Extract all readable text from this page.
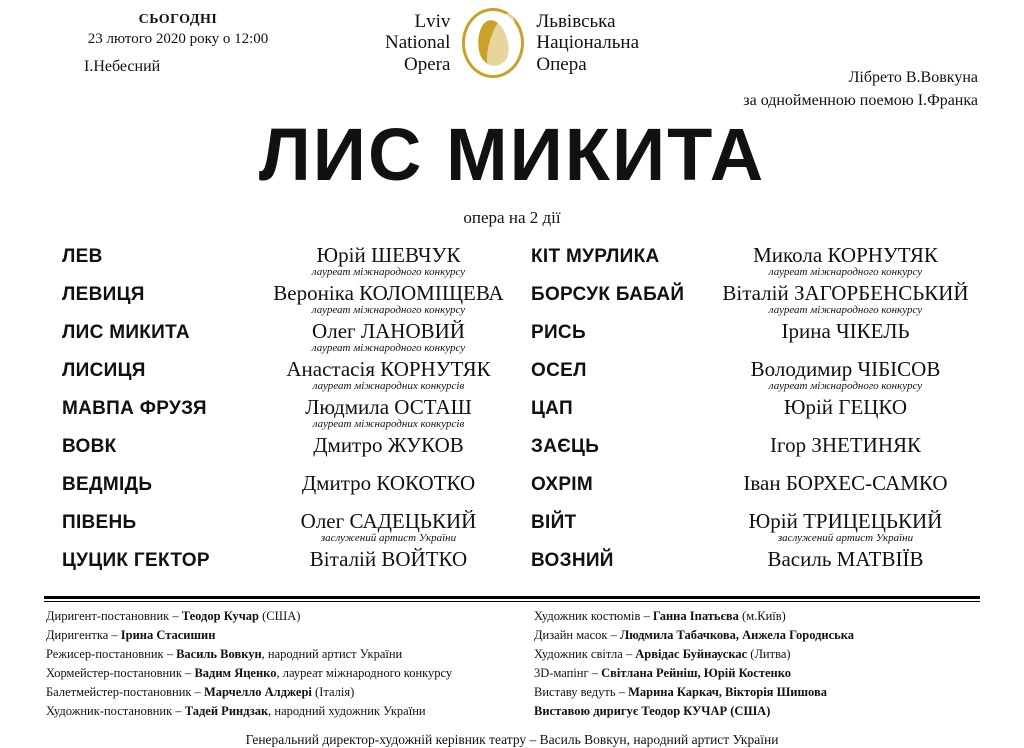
СЬОГОДНІ
23 лютого 2020 року о 12:00
І.Небесний
Lviv
National
Opera
Львівська
Національна
Опера
Лібрето В.Вовкуна
за однойменною поемою І.Франка
ЛИС МИКИТА
опера на 2 дії
ЛЕВ	Юрій ШЕВЧУК
лауреат міжнародного конкурсу
ЛЕВИЦЯ	Вероніка КОЛОМІЩЕВА
лауреат міжнародного конкурсу
ЛИС МИКИТА	Олег ЛАНОВИЙ
лауреат міжнародного конкурсу
ЛИСИЦЯ	Анастасія КОРНУТЯК
лауреат міжнародних конкурсів
МАВПА ФРУЗЯ	Людмила ОСТАШ
лауреат міжнародних конкурсів
ВОВК	Дмитро ЖУКОВ
ВЕДМІДЬ	Дмитро КОКОТКО
ПІВЕНЬ	Олег САДЕЦЬКИЙ
заслужений артист України
ЦУЦИК ГЕКТОР	Віталій ВОЙТКО
КІТ МУРЛИКА	Микола КОРНУТЯК
лауреат міжнародного конкурсу
БОРСУК БАБАЙ	Віталій ЗАГОРБЕНСЬКИЙ
лауреат міжнародного конкурсу
РИСЬ	Ірина ЧІКЕЛЬ
ОСЕЛ	Володимир ЧІБІСОВ
лауреат міжнародного конкурсу
ЦАП	Юрій ГЕЦКО
ЗАЄЦЬ	Ігор ЗНЕТИНЯК
ОХРІМ	Іван БОРХЕС-САМКО
ВІЙТ	Юрій ТРИЦЕЦЬКИЙ
заслужений артист України
ВОЗНИЙ	Василь МАТВІЇВ
Диригент-постановник – Теодор Кучар (США)
Диригентка – Ірина Стасишин
Режисер-постановник – Василь Вовкун, народний артист України
Хормейстер-постановник – Вадим Яценко, лауреат міжнародного конкурсу
Балетмейстер-постановник – Марчелло Алджері (Італія)
Художник-постановник – Тадей Риндзак, народний художник України
Художник костюмів – Ганна Іпатьєва (м.Київ)
Дизайн масок – Людмила Табачкова, Анжела Городиська
Художник світла – Арвідас Буйнаускас (Литва)
3D-мапінг – Світлана Рейніш, Юрій Костенко
Виставу ведуть – Марина Каркач, Вікторія Шишова
Виставою диригує Теодор КУЧАР (США)
Генеральний директор-художній керівник театру – Василь Вовкун, народний артист України
